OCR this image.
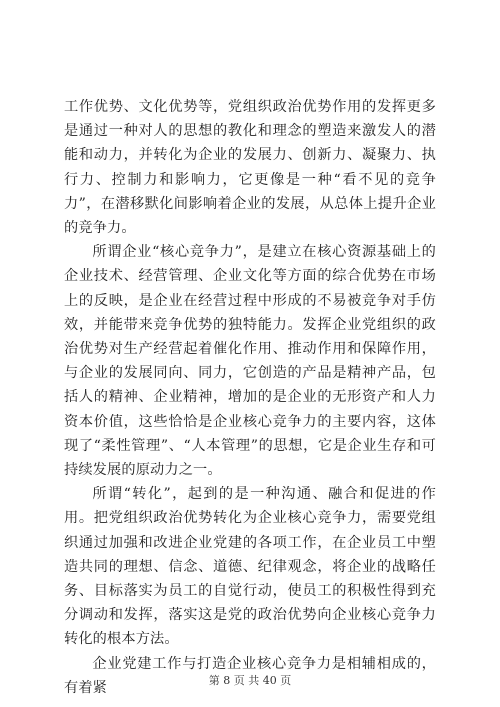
工作优势、文化优势等，党组织政治优势作用的发挥更多是通过一种对人的思想的教化和理念的塑造来激发人的潜能和动力，并转化为企业的发展力、创新力、凝聚力、执行力、控制力和影响力，它更像是一种“看不见的竞争力”，在潜移默化间影响着企业的发展，从总体上提升企业的竞争力。

所谓企业“核心竞争力”，是建立在核心资源基础上的企业技术、经营管理、企业文化等方面的综合优势在市场上的反映，是企业在经营过程中形成的不易被竞争对手仿效，并能带来竞争优势的独特能力。发挥企业党组织的政治优势对生产经营起着催化作用、推动作用和保障作用，与企业的发展同向、同力，它创造的产品是精神产品，包括人的精神、企业精神，增加的是企业的无形资产和人力资本价值，这些恰恰是企业核心竞争力的主要内容，这体现了“柔性管理”、“人本管理”的思想，它是企业生存和可持续发展的原动力之一。

所谓“转化”，起到的是一种沟通、融合和促进的作用。把党组织政治优势转化为企业核心竞争力，需要党组织通过加强和改进企业党建的各项工作，在企业员工中塑造共同的理想、信念、道德、纪律观念，将企业的战略任务、目标落实为员工的自觉行动，使员工的积极性得到充分调动和发挥，落实这是党的政治优势向企业核心竞争力转化的根本方法。

企业党建工作与打造企业核心竞争力是相辅相成的，有着紧	第 8 页 共 40 页
